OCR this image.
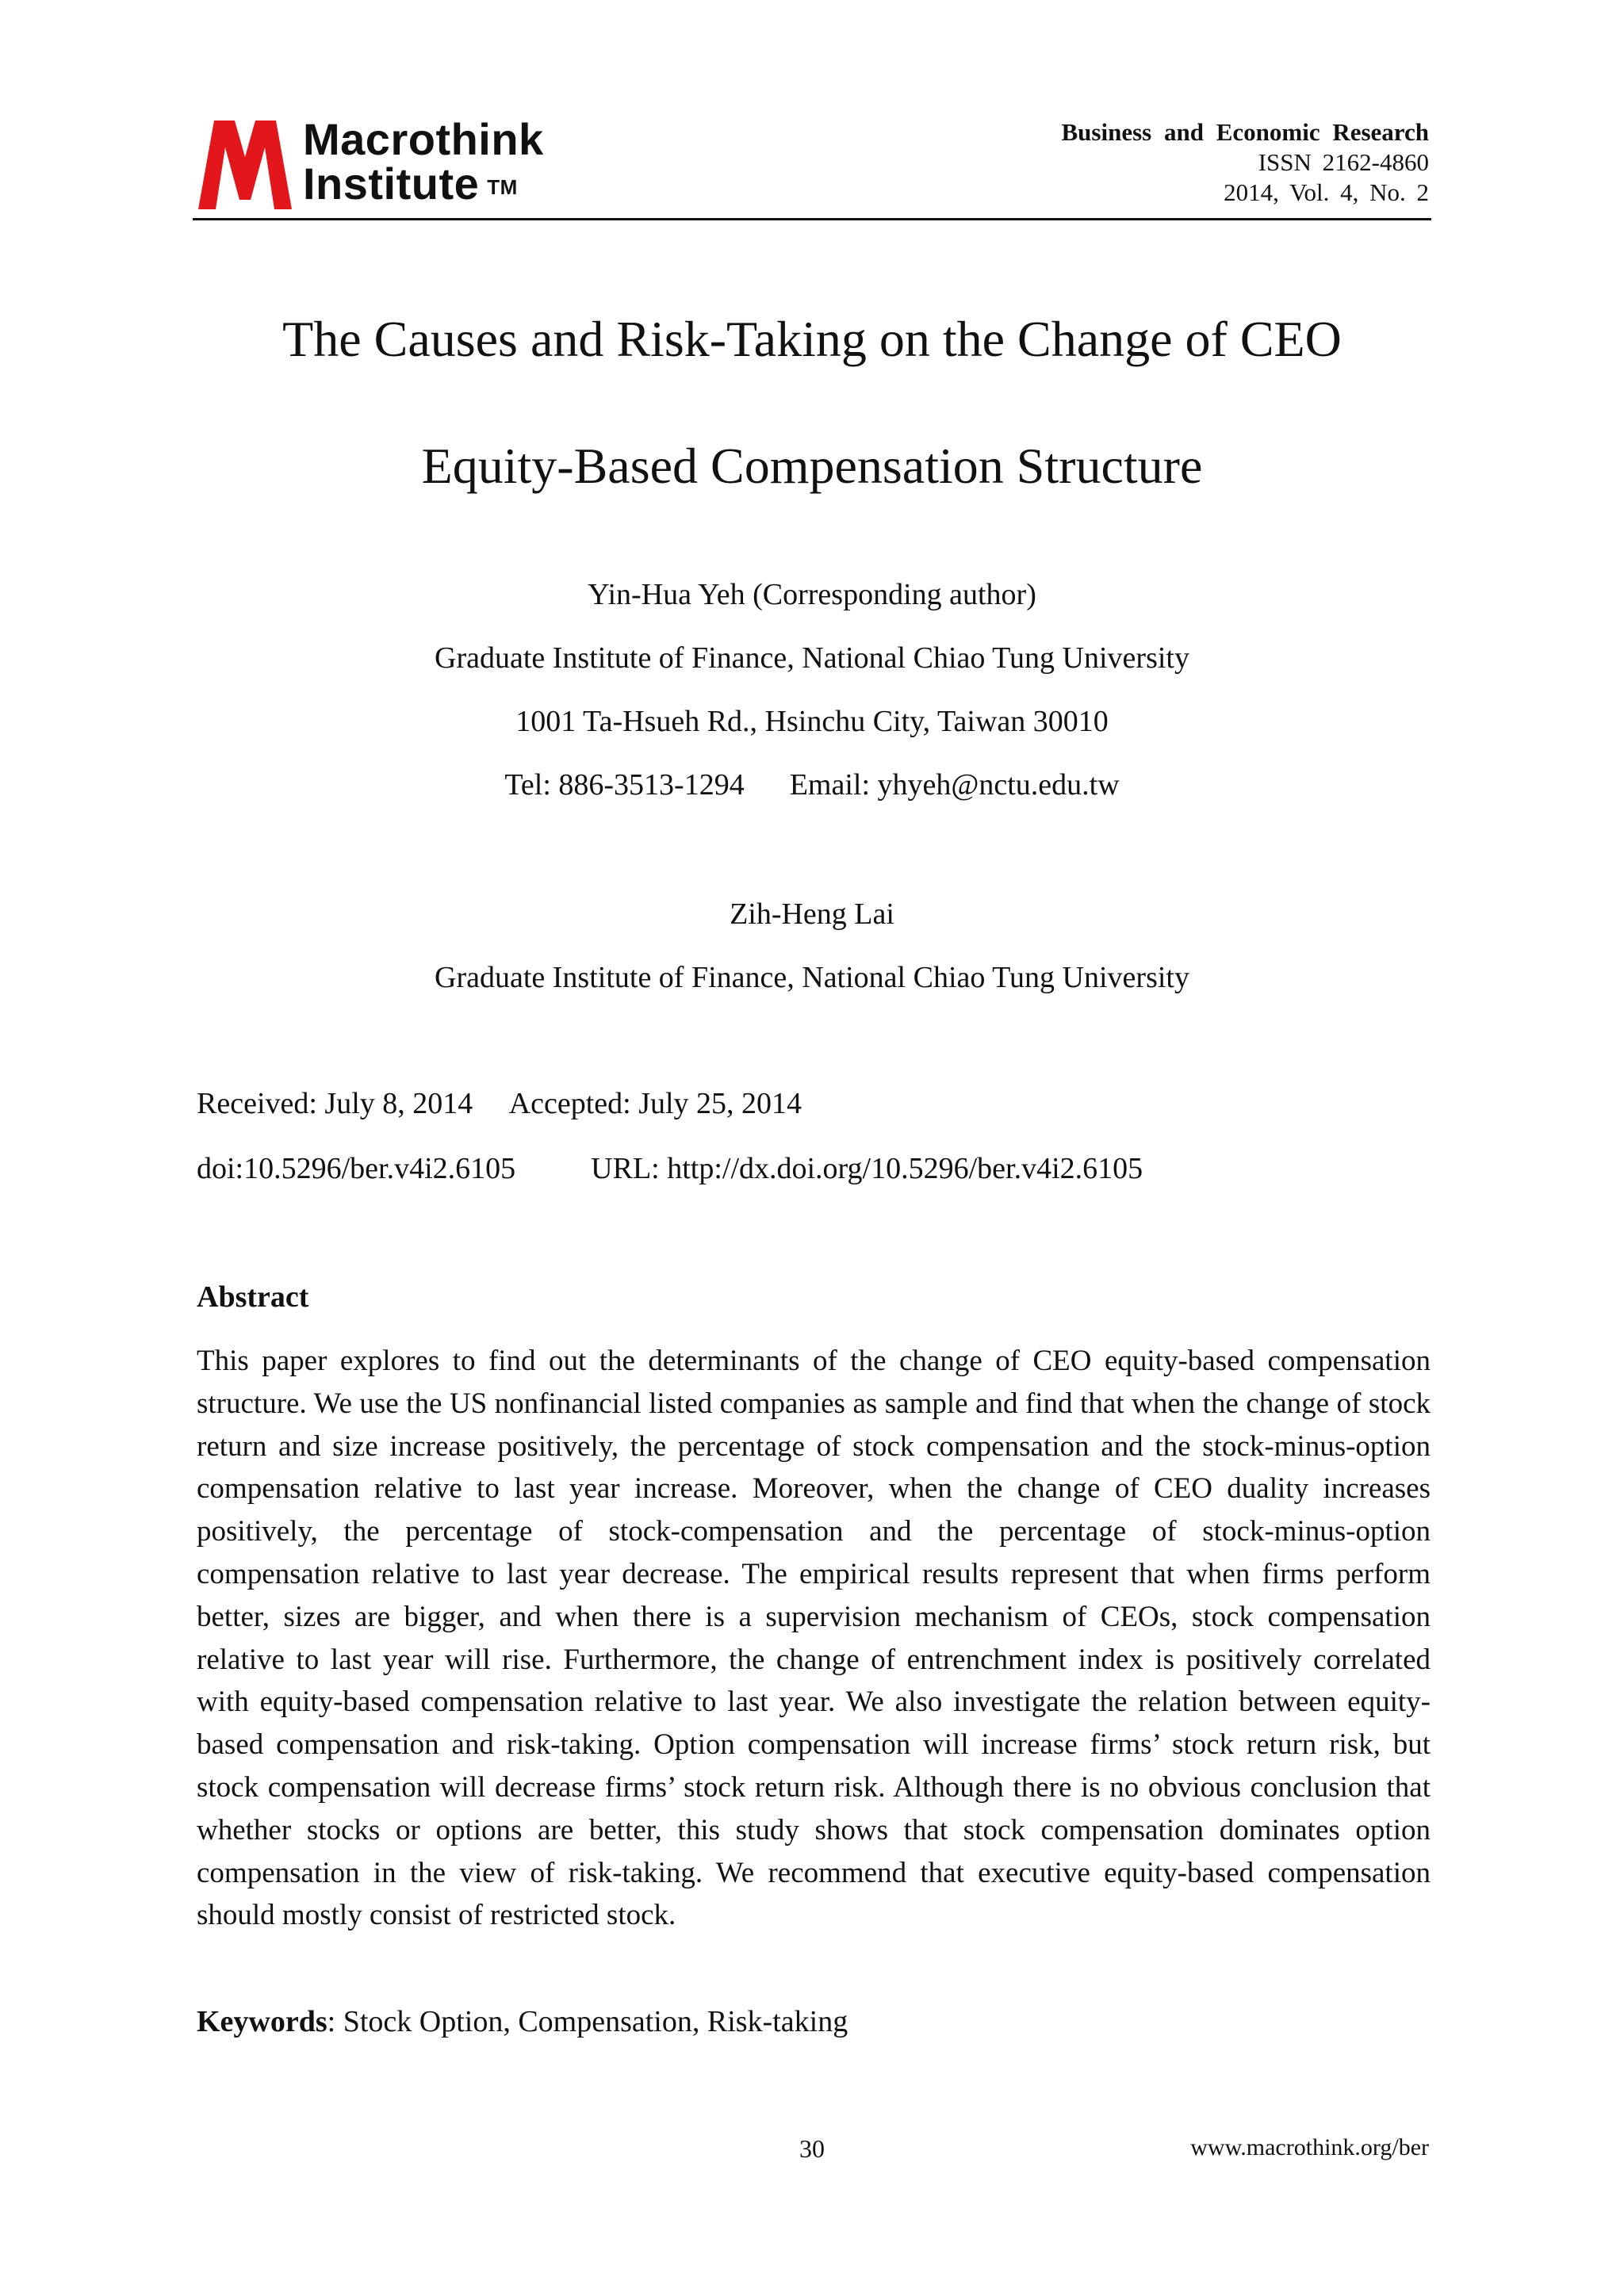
Macrothink
Institute ™
Business and Economic Research
ISSN 2162-4860
2014, Vol. 4, No. 2
The Causes and Risk-Taking on the Change of CEO
Equity-Based Compensation Structure
Yin-Hua Yeh (Corresponding author)
Graduate Institute of Finance, National Chiao Tung University
1001 Ta-Hsueh Rd., Hsinchu City, Taiwan 30010
Tel: 886-3513-1294      Email: yhyeh@nctu.edu.tw
Zih-Heng Lai
Graduate Institute of Finance, National Chiao Tung University
Received: July 8, 2014     Accepted: July 25, 2014
doi:10.5296/ber.v4i2.6105          URL: http://dx.doi.org/10.5296/ber.v4i2.6105
Abstract

This paper explores to find out the determinants of the change of CEO equity-based compensation structure. We use the US nonfinancial listed companies as sample and find that when the change of stock return and size increase positively, the percentage of stock compensation and the stock-minus-option compensation relative to last year increase. Moreover, when the change of CEO duality increases positively, the percentage of stock-compensation and the percentage of stock-minus-option compensation relative to last year decrease. The empirical results represent that when firms perform better, sizes are bigger, and when there is a supervision mechanism of CEOs, stock compensation relative to last year will rise. Furthermore, the change of entrenchment index is positively correlated with equity-based compensation relative to last year. We also investigate the relation between equity-based compensation and risk-taking. Option compensation will increase firms’ stock return risk, but stock compensation will decrease firms’ stock return risk. Although there is no obvious conclusion that whether stocks or options are better, this study shows that stock compensation dominates option compensation in the view of risk-taking. We recommend that executive equity-based compensation should mostly consist of restricted stock.

Keywords: Stock Option, Compensation, Risk-taking
30	www.macrothink.org/ber
